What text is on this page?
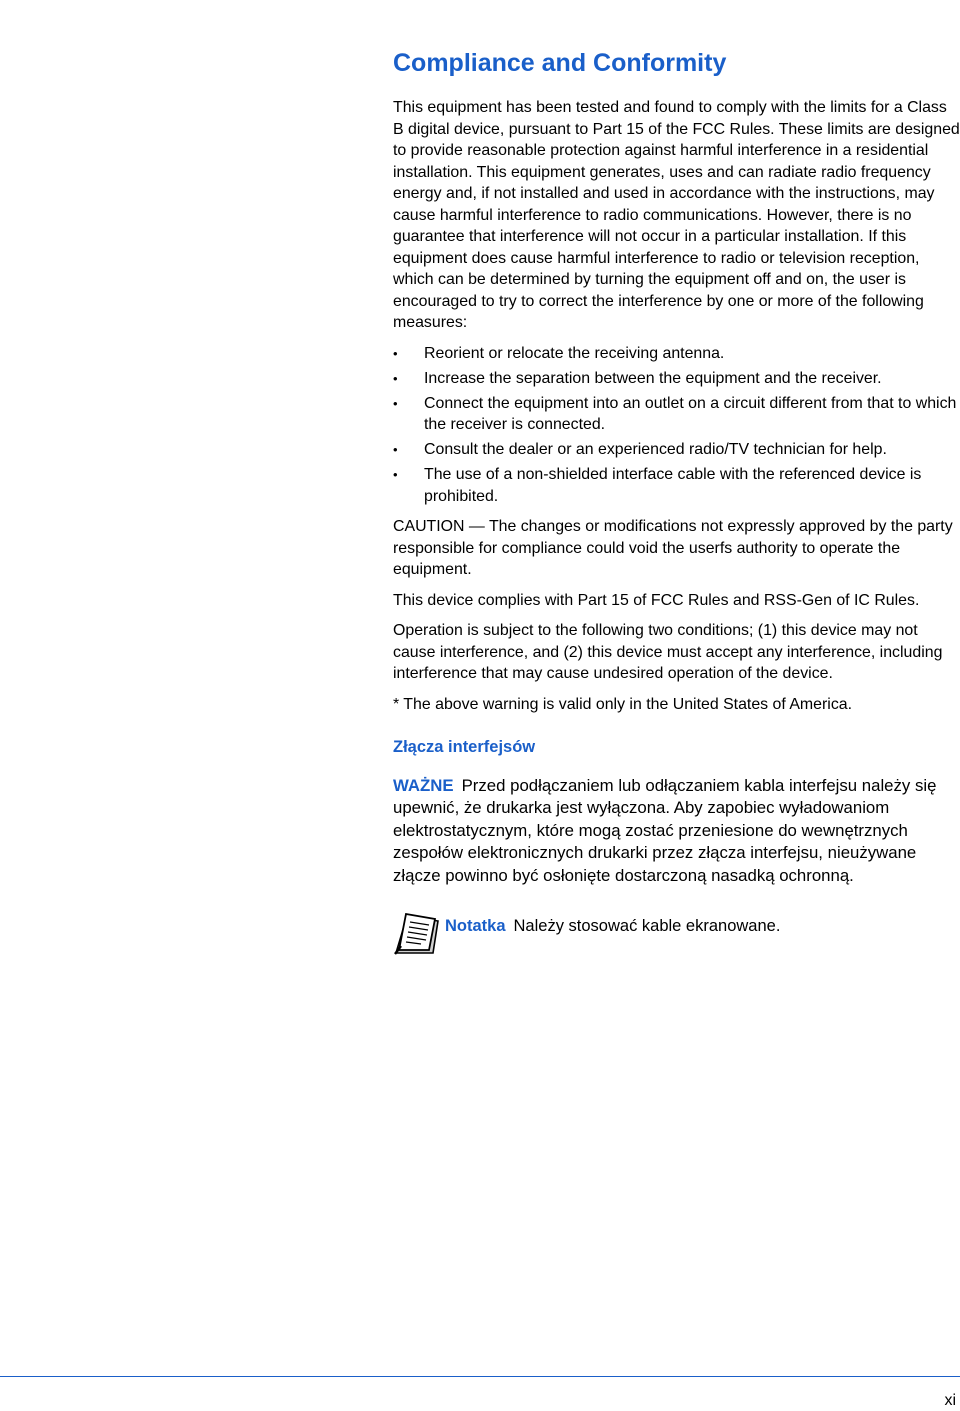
Compliance and Conformity

This equipment has been tested and found to comply with the limits for a Class B digital device, pursuant to Part 15 of the FCC Rules. These limits are designed to provide reasonable protection against harmful interference in a residential installation. This equipment generates, uses and can radiate radio frequency energy and, if not installed and used in accordance with the instructions, may cause harmful interference to radio communications. However, there is no guarantee that interference will not occur in a particular installation. If this equipment does cause harmful interference to radio or television reception, which can be determined by turning the equipment off and on, the user is encouraged to try to correct the interference by one or more of the following measures:

• Reorient or relocate the receiving antenna.
• Increase the separation between the equipment and the receiver.
• Connect the equipment into an outlet on a circuit different from that to which the receiver is connected.
• Consult the dealer or an experienced radio/TV technician for help.
• The use of a non-shielded interface cable with the referenced device is prohibited.

CAUTION — The changes or modifications not expressly approved by the party responsible for compliance could void the userfs authority to operate the equipment.

This device complies with Part 15 of FCC Rules and RSS-Gen of IC Rules.

Operation is subject to the following two conditions; (1) this device may not cause interference, and (2) this device must accept any interference, including interference that may cause undesired operation of the device.

* The above warning is valid only in the United States of America.

Złącza interfejsów

WAŻNE Przed podłączaniem lub odłączaniem kabla interfejsu należy się upewnić, że drukarka jest wyłączona. Aby zapobiec wyładowaniom elektrostatycznym, które mogą zostać przeniesione do wewnętrznych zespołów elektronicznych drukarki przez złącza interfejsu, nieużywane złącze powinno być osłonięte dostarczoną nasadką ochronną.

Notatka Należy stosować kable ekranowane.
xi
